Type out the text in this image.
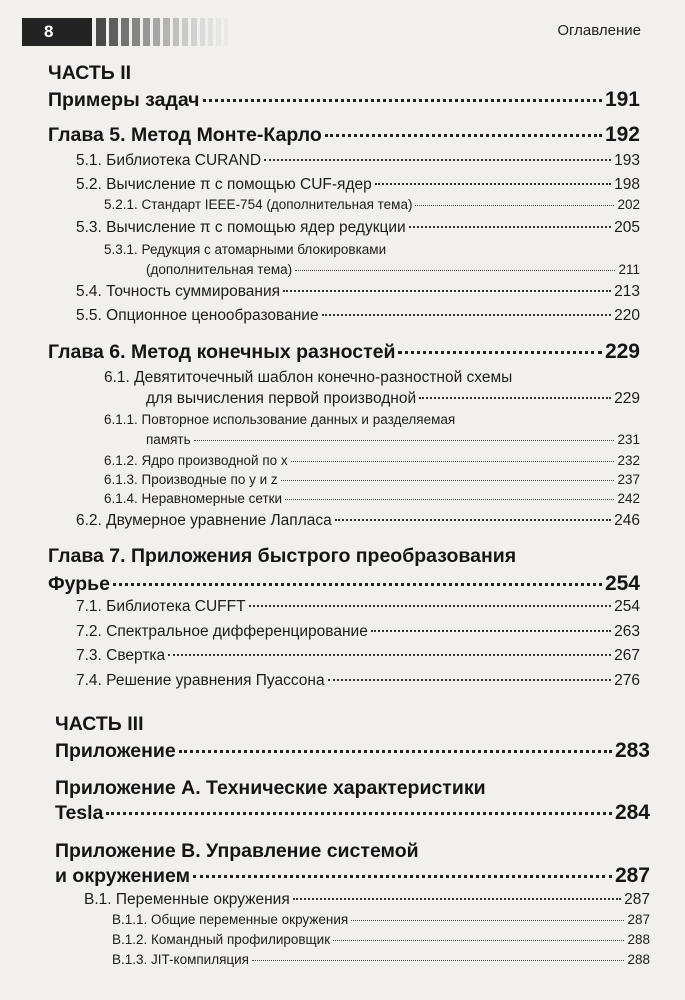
8	Оглавление
ЧАСТЬ II
Примеры задач	191
Глава 5. Метод Монте-Карло	192
5.1. Библиотека CURAND	193
5.2. Вычисление π с помощью CUF-ядер	198
5.2.1. Стандарт IEEE-754 (дополнительная тема)	202
5.3. Вычисление π с помощью ядер редукции	205
5.3.1. Редукция с атомарными блокировками
(дополнительная тема)	211
5.4. Точность суммирования	213
5.5. Опционное ценообразование	220
Глава 6. Метод конечных разностей	229
6.1. Девятиточечный шаблон конечно-разностной схемы
для вычисления первой производной	229
6.1.1. Повторное использование данных и разделяемая
память	231
6.1.2. Ядро производной по x	232
6.1.3. Производные по y и z	237
6.1.4. Неравномерные сетки	242
6.2. Двумерное уравнение Лапласа	246
Глава 7. Приложения быстрого преобразования
Фурье	254
7.1. Библиотека CUFFT	254
7.2. Спектральное дифференцирование	263
7.3. Свертка	267
7.4. Решение уравнения Пуассона	276
ЧАСТЬ III
Приложение	283
Приложение А. Технические характеристики
Tesla	284
Приложение В. Управление системой
и окружением	287
В.1. Переменные окружения	287
В.1.1. Общие переменные окружения	287
В.1.2. Командный профилировщик	288
В.1.3. JIT-компиляция	288
